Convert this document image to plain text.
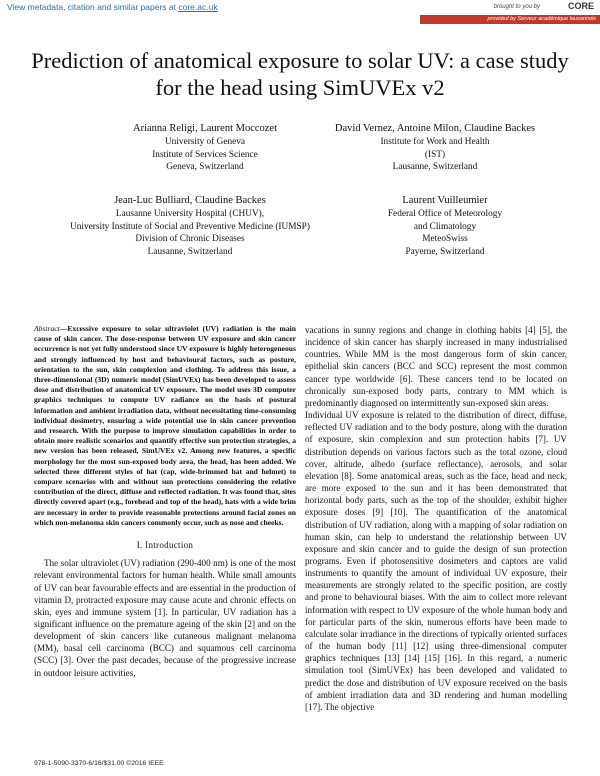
View metadata, citation and similar papers at core.ac.uk	brought to you by	CORE
provided by Serveur académique lausannois
Prediction of anatomical exposure to solar UV: a case study for the head using SimUVEx v2
Arianna Religi, Laurent Moccozet
University of Geneva
Institute of Services Science
Geneva, Switzerland
David Vernez, Antoine Milon, Claudine Backes
Institute for Work and Health
(IST)
Lausanne, Switzerland
Jean-Luc Bulliard, Claudine Backes
Lausanne University Hospital (CHUV),
University Institute of Social and Preventive Medicine (IUMSP)
Division of Chronic Diseases
Lausanne, Switzerland
Laurent Vuilleumier
Federal Office of Meteorology
and Climatology
MeteoSwiss
Payerne, Switzerland
Abstract—Excessive exposure to solar ultraviolet (UV) radiation is the main cause of skin cancer. The dose-response between UV exposure and skin cancer occurrence is not yet fully understood since UV exposure is highly heterogeneous and strongly influenced by host and behavioural factors, such as posture, orientation to the sun, skin complexion and clothing. To address this issue, a three-dimensional (3D) numeric model (SimUVEx) has been developed to assess dose and distribution of anatomical UV exposure. The model uses 3D computer graphics techniques to compute UV radiance on the basis of postural information and ambient irradiation data, without necessitating time-consuming individual dosimetry, ensuring a wide potential use in skin cancer prevention and research. With the purpose to improve simulation capabilities in order to obtain more realistic scenarios and quantify effective sun protection strategies, a new version has been released, SimUVEx v2. Among new features, a specific morphology for the most sun-exposed body area, the head, has been added. We selected three different styles of hat (cap, wide-brimmed hat and helmet) to compare scenarios with and without sun protections considering the relative contribution of the direct, diffuse and reflected radiation. It was found that, sites directly covered apart (e.g., forehead and top of the head), hats with a wide brim are necessary in order to provide reasonable protections around facial zones on which non-melanoma skin cancers commonly occur, such as nose and cheeks.
I. Introduction
The solar ultraviolet (UV) radiation (290-400 nm) is one of the most relevant environmental factors for human health. While small amounts of UV can bear favourable effects and are essential in the production of vitamin D, protracted exposure may cause acute and chronic effects on skin, eyes and immune system [1]. In particular, UV radiation has a significant influence on the premature ageing of the skin [2] and on the development of skin cancers like cutaneous malignant melanoma (MM), basal cell carcinoma (BCC) and squamous cell carcinoma (SCC) [3]. Over the past decades, because of the progressive increase in outdoor leisure activities,
vacations in sunny regions and change in clothing habits [4] [5], the incidence of skin cancer has sharply increased in many industrialised countries. While MM is the most dangerous form of skin cancer, epithelial skin cancers (BCC and SCC) represent the most common cancer type worldwide [6]. These cancers tend to be located on chronically sun-exposed body parts, contrary to MM which is predominantly diagnosed on intermittently sun-exposed skin areas.
Individual UV exposure is related to the distribution of direct, diffuse, reflected UV radiation and to the body posture, along with the duration of exposure, skin complexion and sun protection habits [7]. UV distribution depends on various factors such as the total ozone, cloud cover, altitude, albedo (surface reflectance), aerosols, and solar elevation [8]. Some anatomical areas, such as the face, head and neck, are more exposed to the sun and it has been demonstrated that horizontal body parts, such as the top of the shoulder, exhibit higher exposure doses [9] [10]. The quantification of the anatomical distribution of UV radiation, along with a mapping of solar radiation on human skin, can help to understand the relationship between UV exposure and skin cancer and to guide the design of sun protection programs. Even if photosensitive dosimeters and captors are valid instruments to quantify the amount of individual UV exposure, their measurements are strongly related to the specific position, are costly and prone to behavioural biases. With the aim to collect more relevant information with respect to UV exposure of the whole human body and for particular parts of the skin, numerous efforts have been made to calculate solar irradiance in the directions of typically oriented surfaces of the human body [11] [12] using three-dimensional computer graphics techniques [13] [14] [15] [16]. In this regard, a numeric simulation tool (SimUVEx) has been developed and validated to predict the dose and distribution of UV exposure received on the basis of ambient irradiation data and 3D rendering and human modelling [17]. The objective
978-1-5090-3370-6/16/$31.00 ©2016 IEEE
